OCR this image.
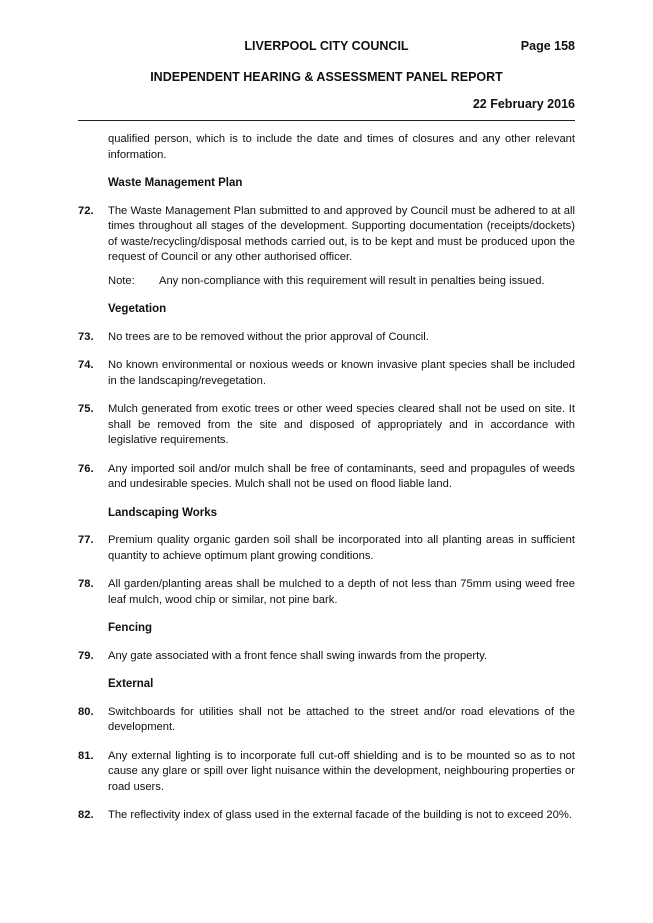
LIVERPOOL CITY COUNCIL	Page 158
INDEPENDENT HEARING & ASSESSMENT PANEL REPORT
22 February 2016
qualified person, which is to include the date and times of closures and any other relevant information.
Waste Management Plan
72.	The Waste Management Plan submitted to and approved by Council must be adhered to at all times throughout all stages of the development. Supporting documentation (receipts/dockets) of waste/recycling/disposal methods carried out, is to be kept and must be produced upon the request of Council or any other authorised officer.
Note:	Any non-compliance with this requirement will result in penalties being issued.
Vegetation
73.	No trees are to be removed without the prior approval of Council.
74.	No known environmental or noxious weeds or known invasive plant species shall be included in the landscaping/revegetation.
75.	Mulch generated from exotic trees or other weed species cleared shall not be used on site. It shall be removed from the site and disposed of appropriately and in accordance with legislative requirements.
76.	Any imported soil and/or mulch shall be free of contaminants, seed and propagules of weeds and undesirable species. Mulch shall not be used on flood liable land.
Landscaping Works
77.	Premium quality organic garden soil shall be incorporated into all planting areas in sufficient quantity to achieve optimum plant growing conditions.
78.	All garden/planting areas shall be mulched to a depth of not less than 75mm using weed free leaf mulch, wood chip or similar, not pine bark.
Fencing
79.	Any gate associated with a front fence shall swing inwards from the property.
External
80.	Switchboards for utilities shall not be attached to the street and/or road elevations of the development.
81.	Any external lighting is to incorporate full cut-off shielding and is to be mounted so as to not cause any glare or spill over light nuisance within the development, neighbouring properties or road users.
82.	The reflectivity index of glass used in the external facade of the building is not to exceed 20%.
